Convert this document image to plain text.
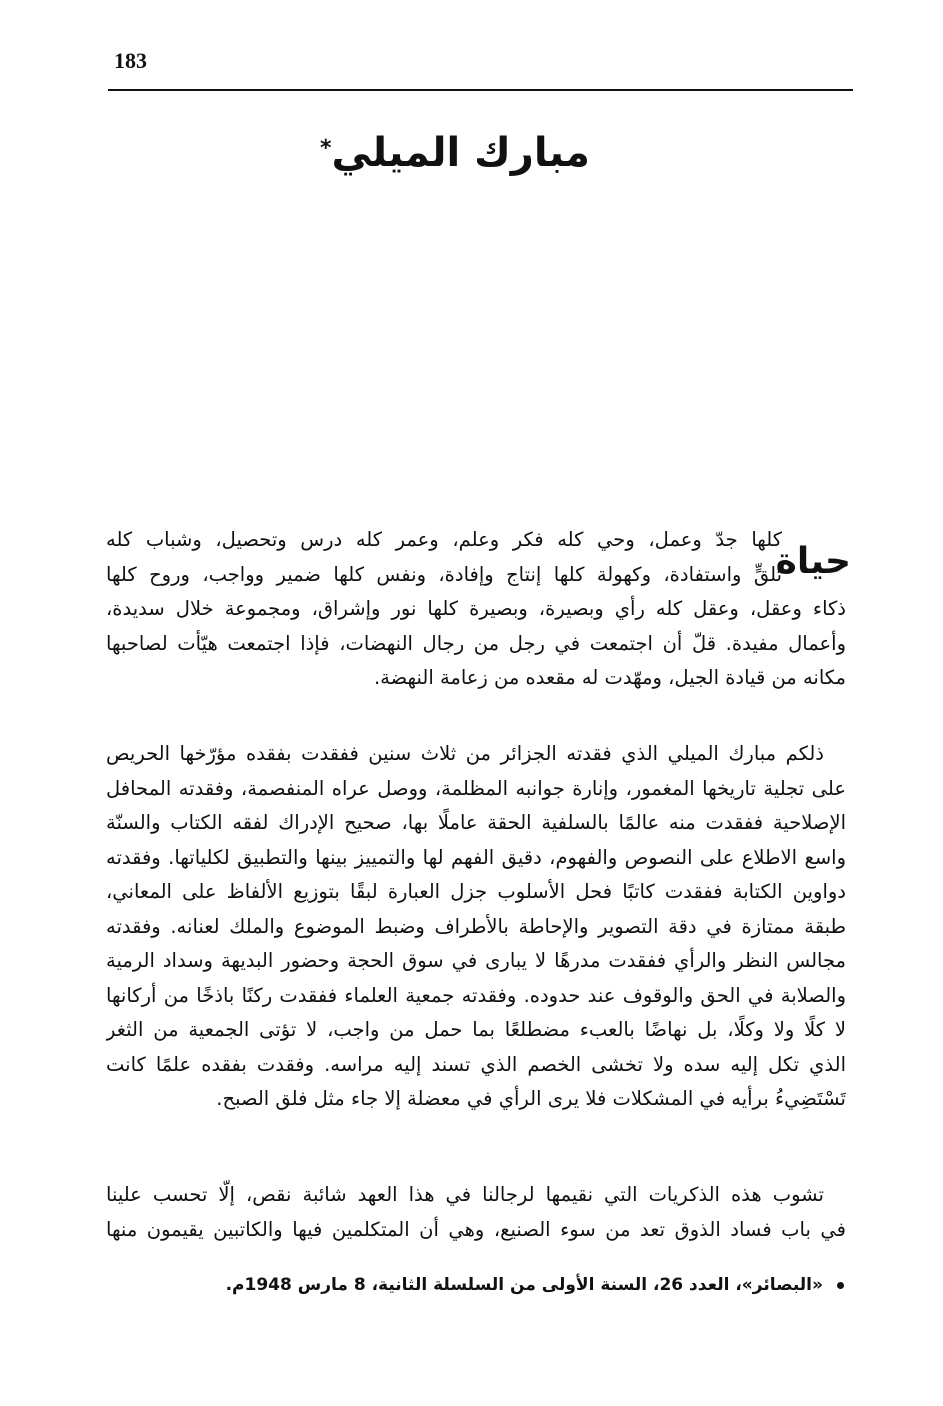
183
مبارك الميلي*
حياة
كلها جدّ وعمل، وحي كله فكر وعلم، وعمر كله درس وتحصيل، وشباب كله
تلقٍّ واستفادة، وكهولة كلها إنتاج وإفادة، ونفس كلها ضمير وواجب، وروح كلها
ذكاء وعقل، وعقل كله رأي وبصيرة، وبصيرة كلها نور وإشراق، ومجموعة خلال سديدة،
وأعمال مفيدة. قلّ أن اجتمعت في رجل من رجال النهضات، فإذا اجتمعت هيّأت لصاحبها
مكانه من قيادة الجيل، ومهّدت له مقعده من زعامة النهضة.
ذلكم مبارك الميلي الذي فقدته الجزائر من ثلاث سنين ففقدت بفقده مؤرّخها الحريص
على تجلية تاريخها المغمور، وإنارة جوانبه المظلمة، ووصل عراه المنفصمة، وفقدته المحافل
الإصلاحية ففقدت منه عالمًا بالسلفية الحقة عاملًا بها، صحيح الإدراك لفقه الكتاب والسنّة
واسع الاطلاع على النصوص والفهوم، دقيق الفهم لها والتمييز بينها والتطبيق لكلياتها. وفقدته
دواوين الكتابة ففقدت كاتبًا فحل الأسلوب جزل العبارة لبقًا بتوزيع الألفاظ على المعاني،
طبقة ممتازة في دقة التصوير والإحاطة بالأطراف وضبط الموضوع والملك لعنانه. وفقدته
مجالس النظر والرأي ففقدت مدرهًا لا يبارى في سوق الحجة وحضور البديهة وسداد الرمية
والصلابة في الحق والوقوف عند حدوده. وفقدته جمعية العلماء ففقدت ركنًا باذخًا من أركانها
لا كلًا ولا وكلًا، بل نهاضًا بالعبء مضطلعًا بما حمل من واجب، لا تؤتى الجمعية من الثغر
الذي تكل إليه سده ولا تخشى الخصم الذي تسند إليه مراسه. وفقدت بفقده علمًا كانت
تَسْتَضِيءُ برأيه في المشكلات فلا يرى الرأي في معضلة إلا جاء مثل فلق الصبح.
تشوب هذه الذكريات التي نقيمها لرجالنا في هذا العهد شائبة نقص، إلّا تحسب علينا
في باب فساد الذوق تعد من سوء الصنيع، وهي أن المتكلمين فيها والكاتبين يقيمون منها
«البصائر»، العدد 26، السنة الأولى من السلسلة الثانية، 8 مارس 1948م.
